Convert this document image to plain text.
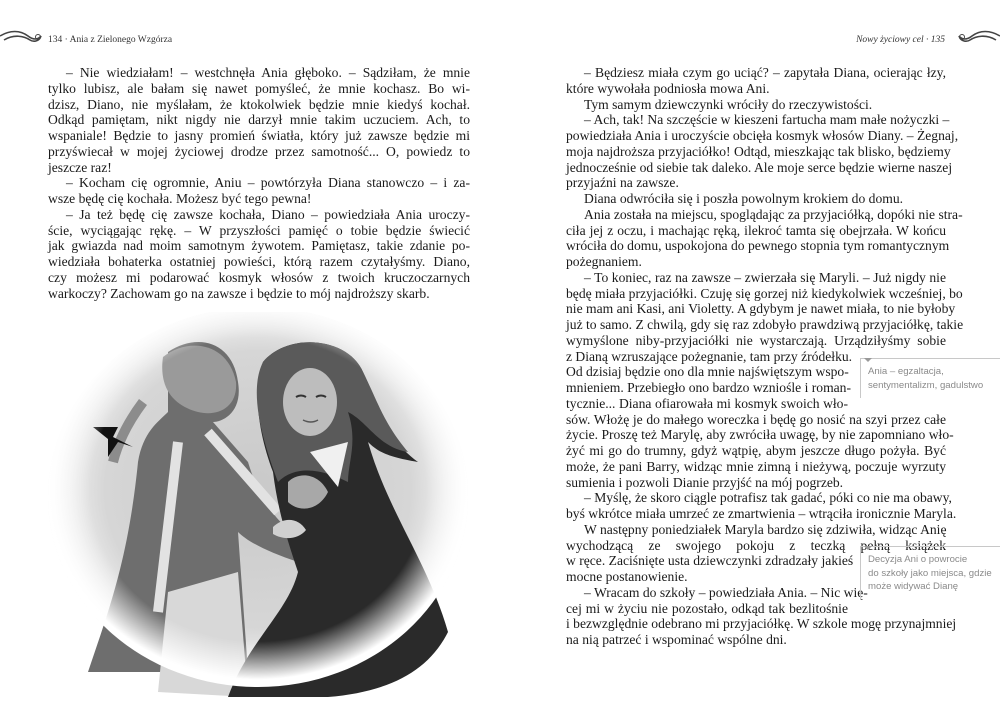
134 · Ania z Zielonego Wzgórza
– Nie wiedziałam! – westchnęła Ania głęboko. – Sądziłam, że mnie
tylko lubisz, ale bałam się nawet pomyśleć, że mnie kochasz. Bo wi-
dzisz, Diano, nie myślałam, że ktokolwiek będzie mnie kiedyś kochał.
Odkąd pamiętam, nikt nigdy nie darzył mnie takim uczuciem. Ach, to
wspaniale! Będzie to jasny promień światła, który już zawsze będzie mi
przyświecał w mojej życiowej drodze przez samotność... O, powiedz to
jeszcze raz!
– Kocham cię ogromnie, Aniu – powtórzyła Diana stanowczo – i za-
wsze będę cię kochała. Możesz być tego pewna!
– Ja też będę cię zawsze kochała, Diano – powiedziała Ania uroczy-
ście, wyciągając rękę. – W przyszłości pamięć o tobie będzie świecić
jak gwiazda nad moim samotnym żywotem. Pamiętasz, takie zdanie po-
wiedziała bohaterka ostatniej powieści, którą razem czytałyśmy. Diano,
czy możesz mi podarować kosmyk włosów z twoich kruczoczarnych
warkoczy? Zachowam go na zawsze i będzie to mój najdroższy skarb.
Nowy życiowy cel · 135
– Będziesz miała czym go uciąć? – zapytała Diana, ocierając łzy,
które wywołała podniosła mowa Ani.
Tym samym dziewczynki wróciły do rzeczywistości.
– Ach, tak! Na szczęście w kieszeni fartucha mam małe nożyczki –
powiedziała Ania i uroczyście obcięła kosmyk włosów Diany. – Żegnaj,
moja najdroższa przyjaciółko! Odtąd, mieszkając tak blisko, będziemy
jednocześnie od siebie tak daleko. Ale moje serce będzie wierne naszej
przyjaźni na zawsze.
Diana odwróciła się i poszła powolnym krokiem do domu.
Ania została na miejscu, spoglądając za przyjaciółką, dopóki nie stra-
ciła jej z oczu, i machając ręką, ilekroć tamta się obejrzała. W końcu
wróciła do domu, uspokojona do pewnego stopnia tym romantycznym
pożegnaniem.
– To koniec, raz na zawsze – zwierzała się Maryli. – Już nigdy nie
będę miała przyjaciółki. Czuję się gorzej niż kiedykolwiek wcześniej, bo
nie mam ani Kasi, ani Violetty. A gdybym je nawet miała, to nie byłoby
już to samo. Z chwilą, gdy się raz zdobyło prawdziwą przyjaciółkę, takie
wymyślone niby-przyjaciółki nie wystarczają. Urządziłyśmy sobie
z Dianą wzruszające pożegnanie, tam przy źródełku.
Od dzisiaj będzie ono dla mnie najświętszym wspo-
mnieniem. Przebiegło ono bardzo wzniośle i roman-
tycznie... Diana ofiarowała mi kosmyk swoich wło-
sów. Włożę je do małego woreczka i będę go nosić na szyi przez całe
życie. Proszę też Marylę, aby zwróciła uwagę, by nie zapomniano wło-
żyć mi go do trumny, gdyż wątpię, abym jeszcze długo pożyła. Być
może, że pani Barry, widząc mnie zimną i nieżywą, poczuje wyrzuty
sumienia i pozwoli Dianie przyjść na mój pogrzeb.
– Myślę, że skoro ciągle potrafisz tak gadać, póki co nie ma obawy,
byś wkrótce miała umrzeć ze zmartwienia – wtrąciła ironicznie Maryla.
W następny poniedziałek Maryla bardzo się zdziwiła, widząc Anię
wychodzącą ze swojego pokoju z teczką pełną książek
w ręce. Zaciśnięte usta dziewczynki zdradzały jakieś
mocne postanowienie.
– Wracam do szkoły – powiedziała Ania. – Nic wię-
cej mi w życiu nie pozostało, odkąd tak bezlitośnie
i bezwzględnie odebrano mi przyjaciółkę. W szkole mogę przynajmniej
na nią patrzeć i wspominać wspólne dni.
Ania – egzaltacja,
sentymentalizm, gadulstwo
Decyzja Ani o powrocie
do szkoły jako miejsca, gdzie
może widywać Dianę
